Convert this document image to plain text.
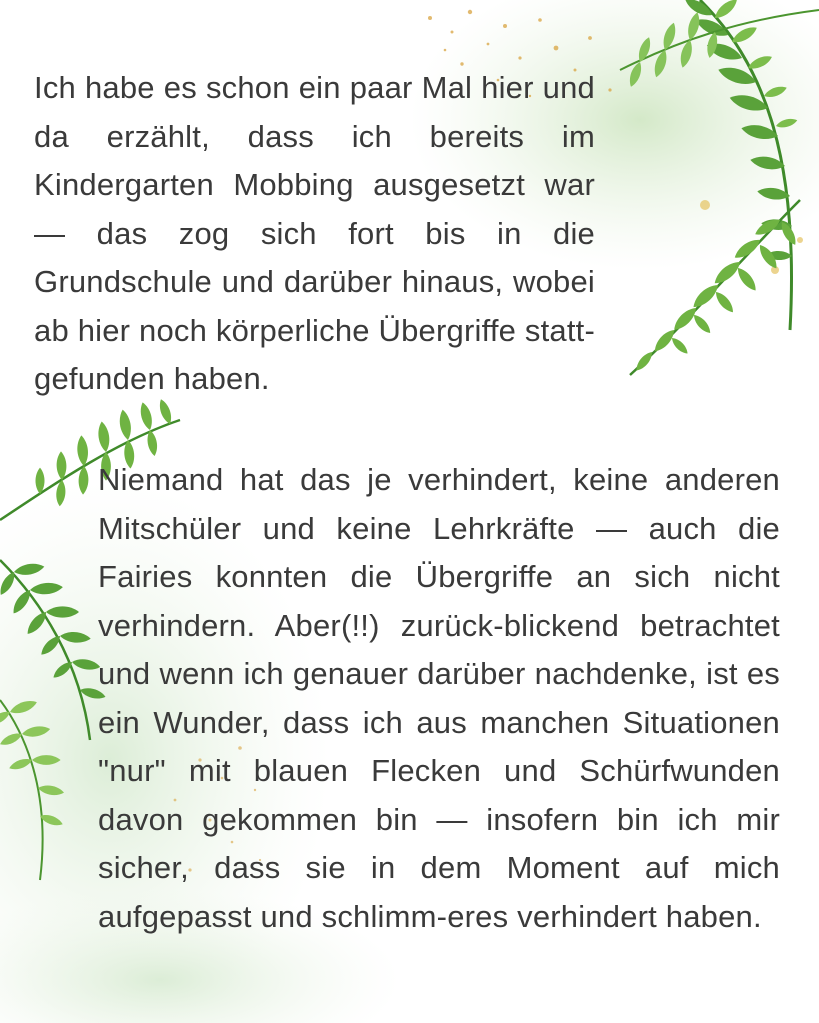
Ich habe es schon ein paar Mal hier und da erzählt, dass ich bereits im Kindergarten Mobbing ausgesetzt war — das zog sich fort bis in die Grundschule und darüber hinaus, wobei ab hier noch körperliche Übergriffe statt-gefunden haben.

Niemand hat das je verhindert, keine anderen Mitschüler und keine Lehrkräfte — auch die Fairies konnten die Übergriffe an sich nicht verhindern. Aber(!!) zurück-blickend betrachtet und wenn ich genauer darüber nachdenke, ist es ein Wunder, dass ich aus manchen Situationen "nur" mit blauen Flecken und Schürfwunden davon gekommen bin — insofern bin ich mir sicher, dass sie in dem Moment auf mich aufgepasst und schlimm-eres verhindert haben.
